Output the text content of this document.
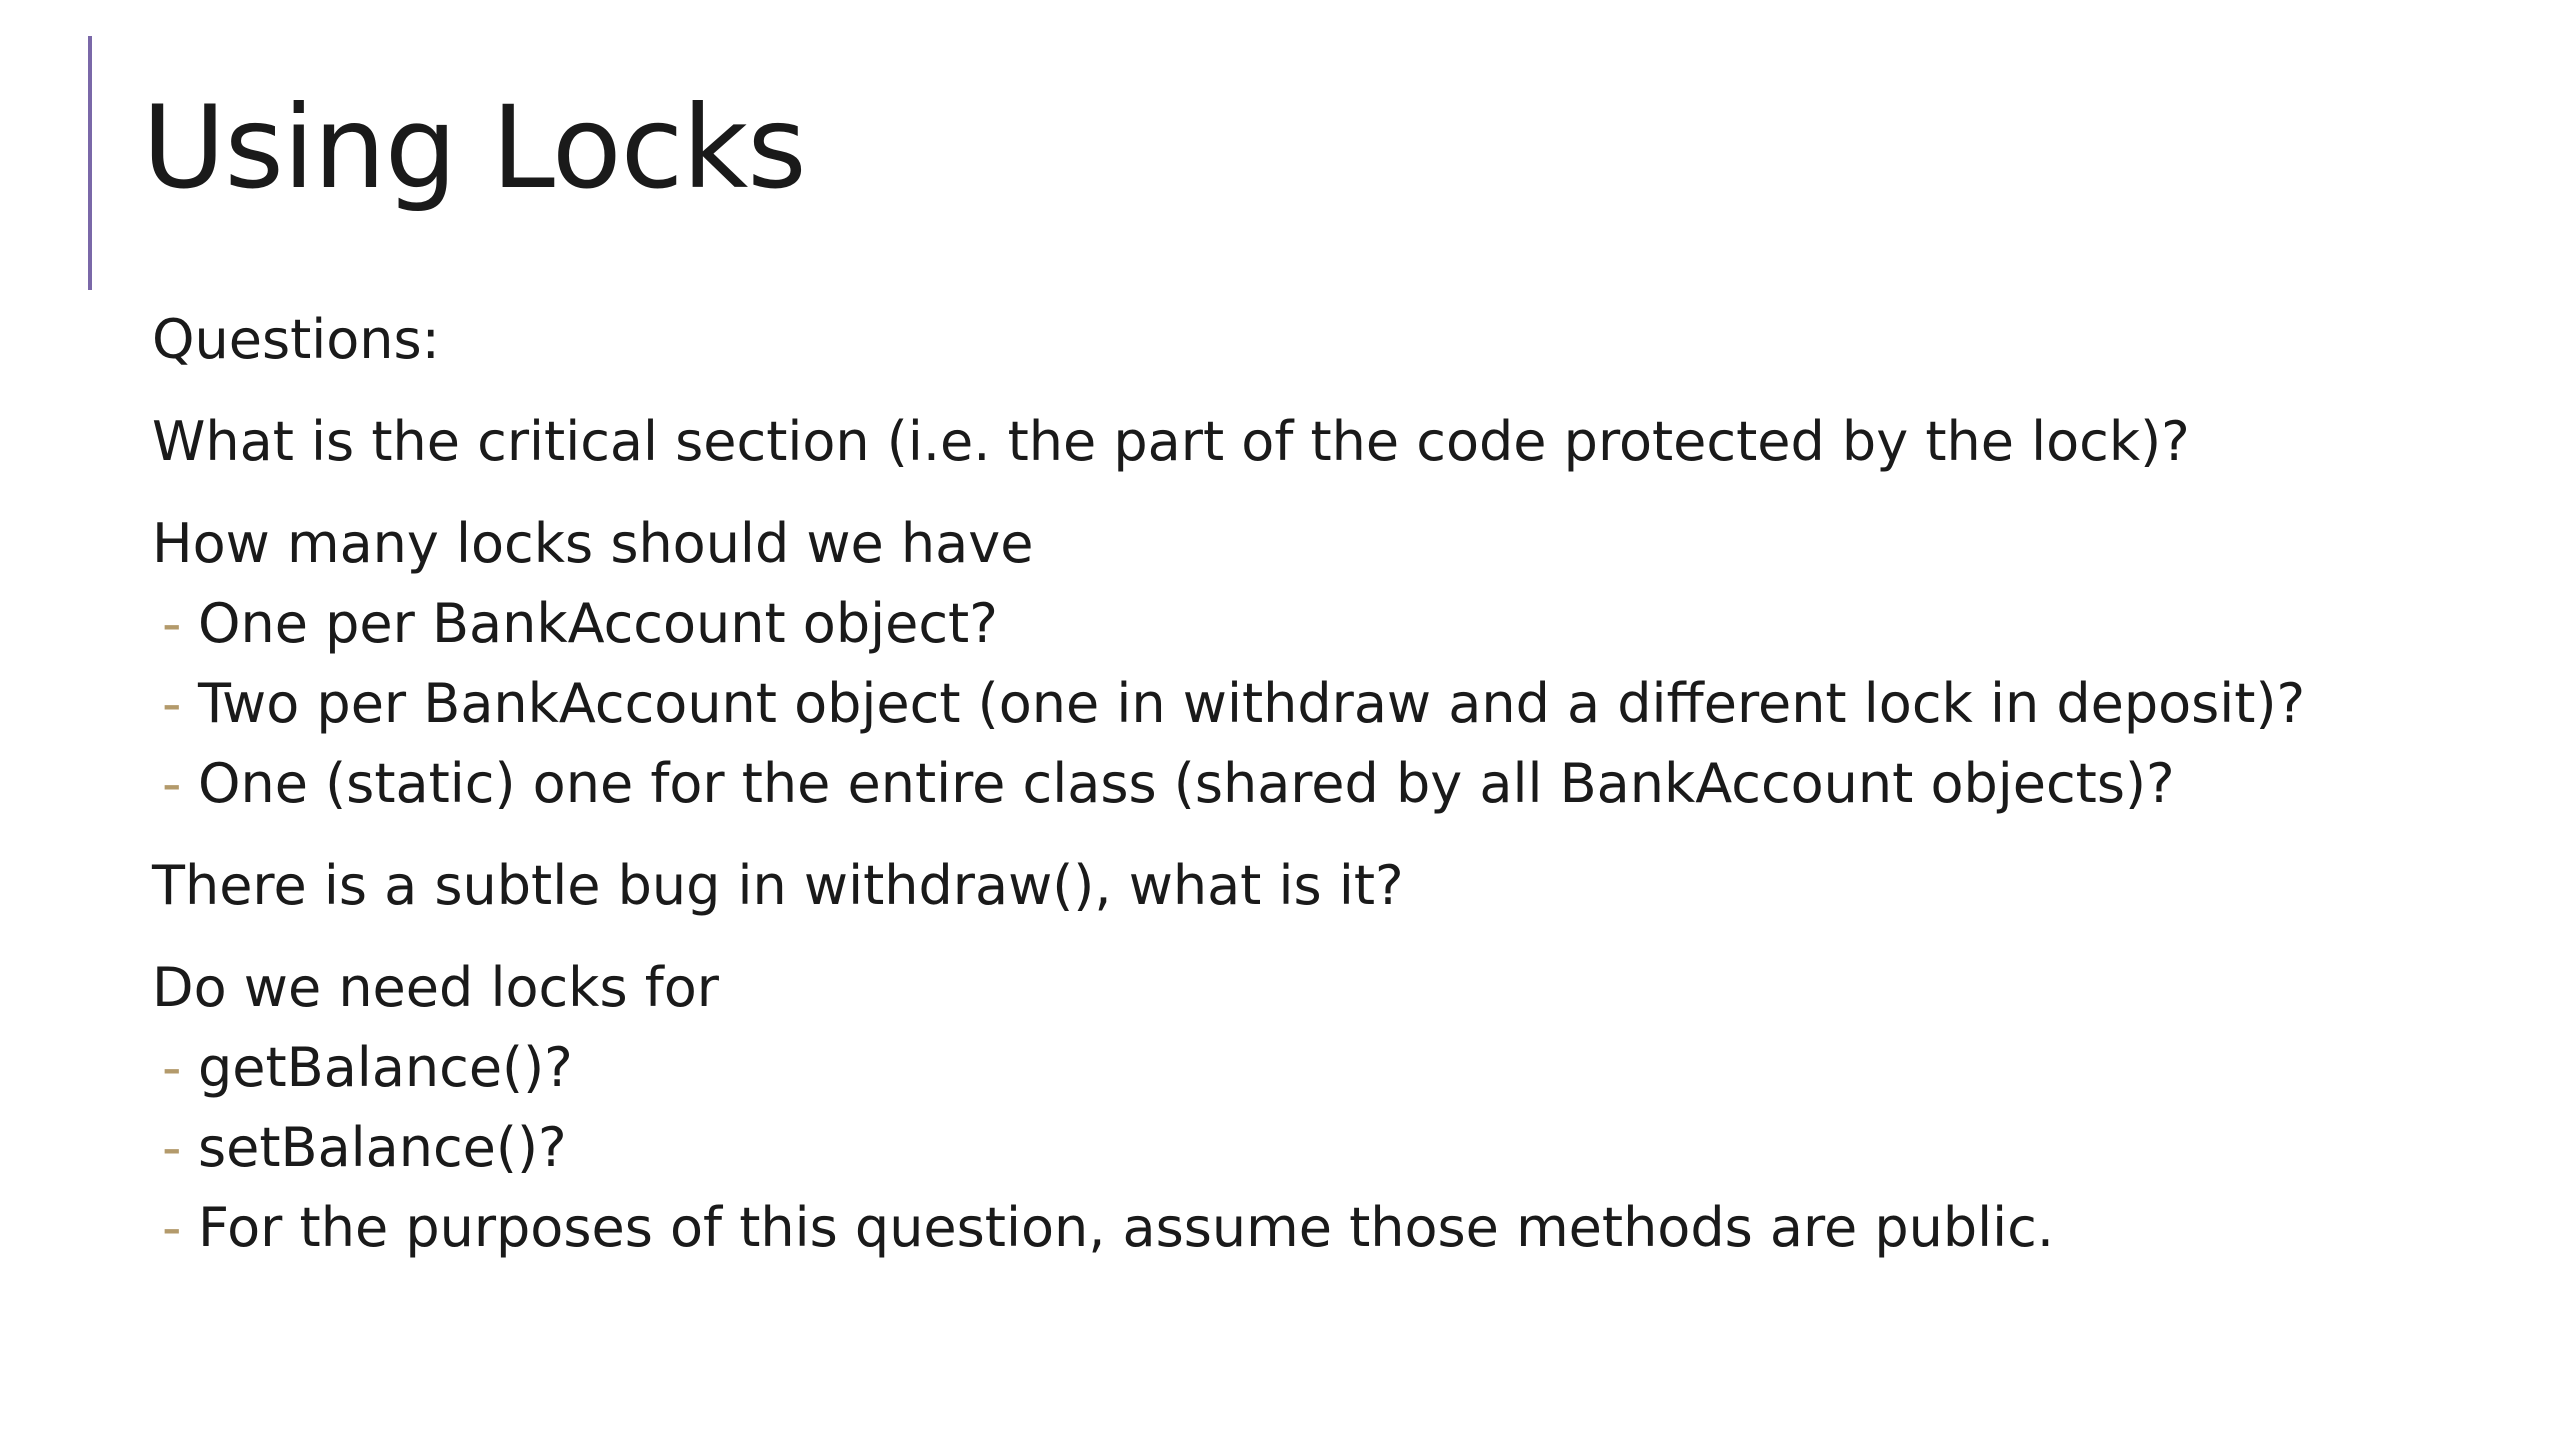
Using Locks

Questions:

What is the critical section (i.e. the part of the code protected by the lock)?

How many locks should we have

- One per BankAccount object?
- Two per BankAccount object (one in withdraw and a different lock in deposit)?
- One (static) one for the entire class (shared by all BankAccount objects)?

There is a subtle bug in withdraw(), what is it?

Do we need locks for

- getBalance()?
- setBalance()?
- For the purposes of this question, assume those methods are public.
